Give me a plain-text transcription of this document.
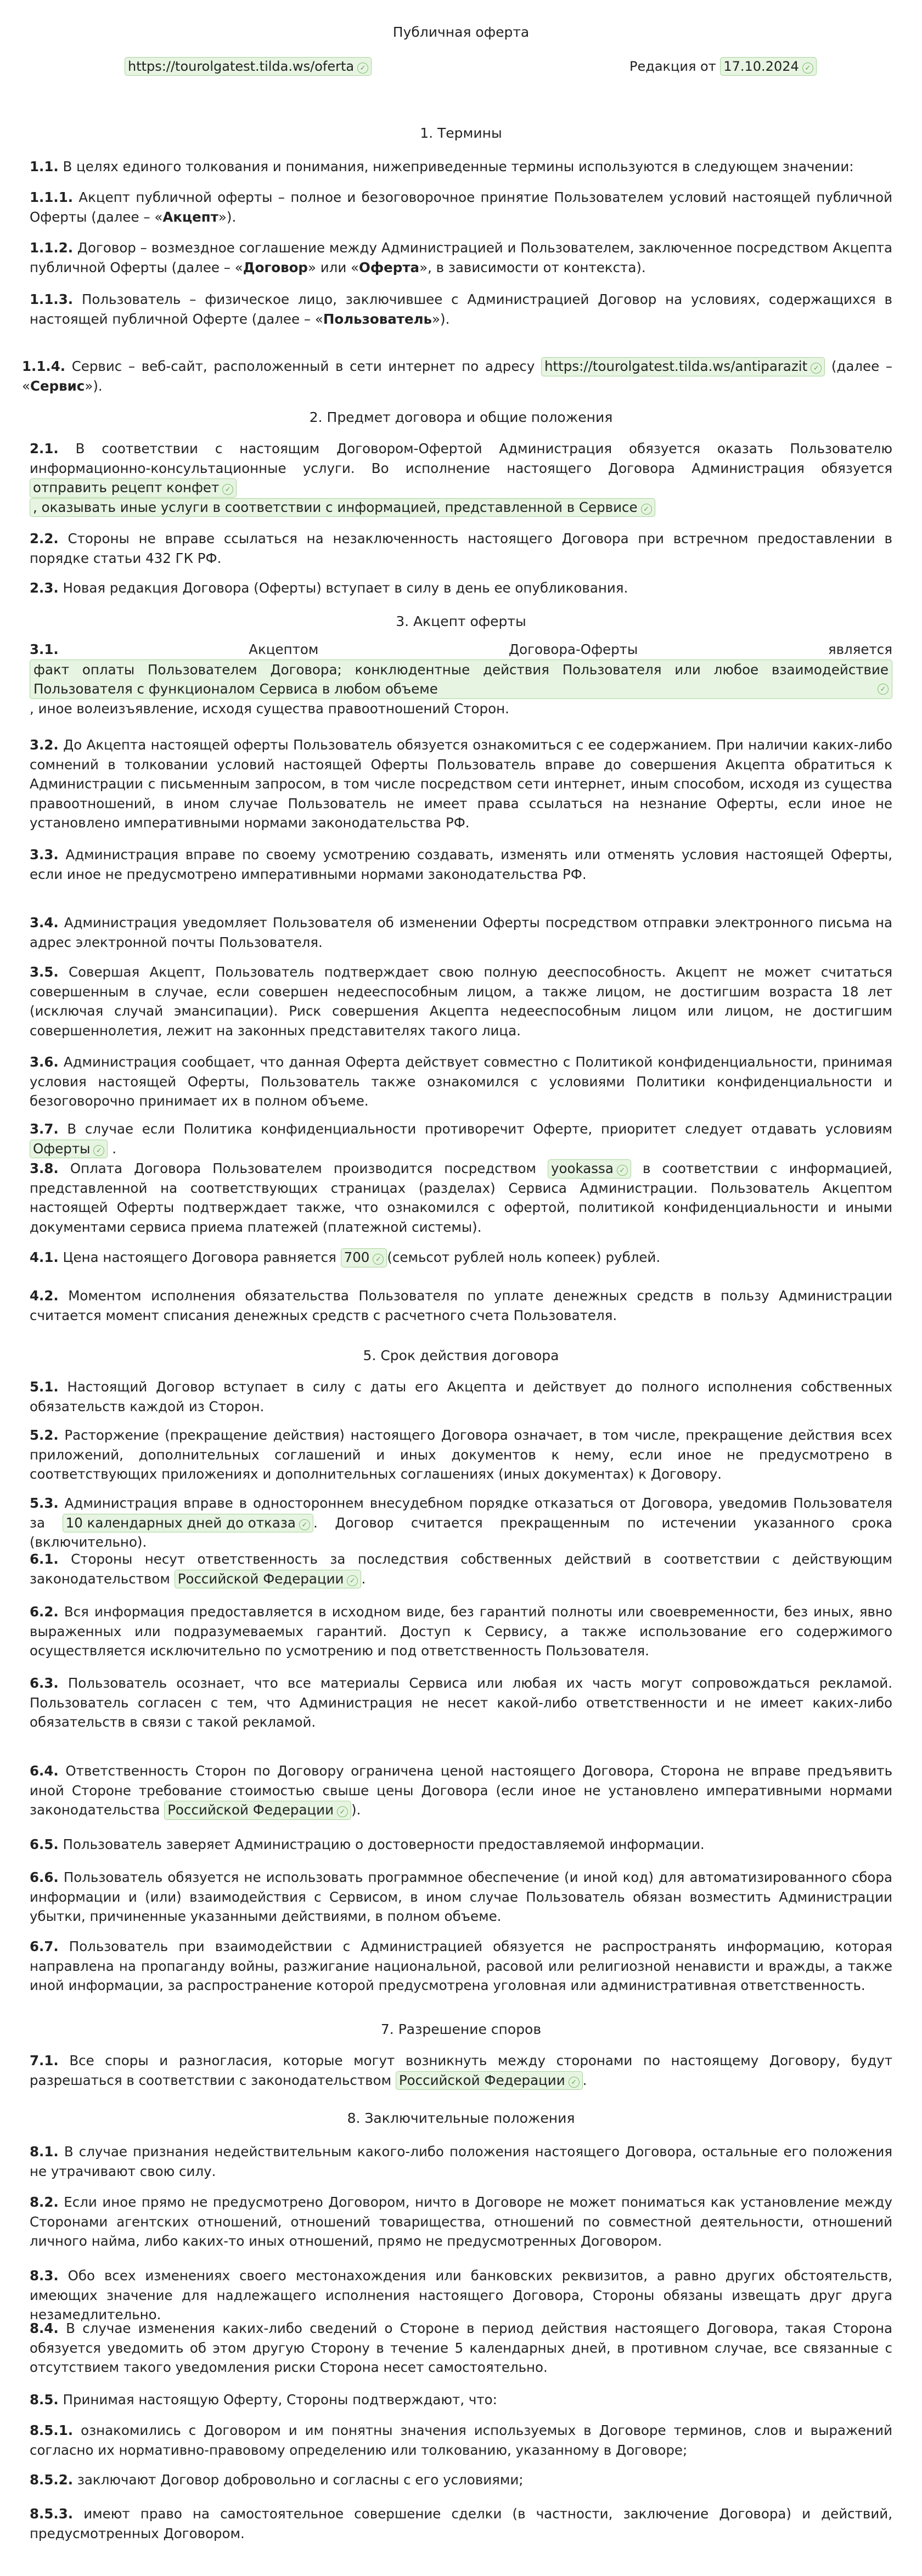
Публичная оферта
https://tourolgatest.tilda.ws/oferta ✓	Редакция от 17.10.2024 ✓
1. Термины

1.1. В целях единого толкования и понимания, нижеприведенные термины используются в следующем значении:

1.1.1. Акцепт публичной оферты – полное и безоговорочное принятие Пользователем условий настоящей публичной Оферты (далее – «Акцепт»).

1.1.2. Договор – возмездное соглашение между Администрацией и Пользователем, заключенное посредством Акцепта публичной Оферты (далее – «Договор» или «Оферта», в зависимости от контекста).

1.1.3. Пользователь – физическое лицо, заключившее с Администрацией Договор на условиях, содержащихся в настоящей публичной Оферте (далее – «Пользователь»).

1.1.4. Сервис – веб-сайт, расположенный в сети интернет по адресу https://tourolgatest.tilda.ws/antiparazit ✓ (далее – «Сервис»).

2. Предмет договора и общие положения

2.1. В соответствии с настоящим Договором-Офертой Администрация обязуется оказать Пользователю информационно-консультационные услуги. Во исполнение настоящего Договора Администрация обязуется отправить рецепт конфет ✓
, оказывать иные услуги в соответствии с информацией, представленной в Сервисе ✓

2.2. Стороны не вправе ссылаться на незаключенность настоящего Договора при встречном предоставлении в порядке статьи 432 ГК РФ.

2.3. Новая редакция Договора (Оферты) вступает в силу в день ее опубликования.

3. Акцепт оферты
3.1.	Акцептом	Договора-Оферты	является
факт оплаты Пользователем Договора; конклюдентные действия Пользователя или любое взаимодействие Пользователя с функционалом Сервиса в любом объеме	✓
, иное волеизъявление, исходя существа правоотношений Сторон.

3.2. До Акцепта настоящей оферты Пользователь обязуется ознакомиться с ее содержанием. При наличии каких-либо сомнений в толковании условий настоящей Оферты Пользователь вправе до совершения Акцепта обратиться к Администрации с письменным запросом, в том числе посредством сети интернет, иным способом, исходя из существа правоотношений, в ином случае Пользователь не имеет права ссылаться на незнание Оферты, если иное не установлено императивными нормами законодательства РФ.

3.3. Администрация вправе по своему усмотрению создавать, изменять или отменять условия настоящей Оферты, если иное не предусмотрено императивными нормами законодательства РФ.

3.4. Администрация уведомляет Пользователя об изменении Оферты посредством отправки электронного письма на адрес электронной почты Пользователя.

3.5. Совершая Акцепт, Пользователь подтверждает свою полную дееспособность. Акцепт не может считаться совершенным в случае, если совершен недееспособным лицом, а также лицом, не достигшим возраста 18 лет (исключая случай эмансипации). Риск совершения Акцепта недееспособным лицом или лицом, не достигшим совершеннолетия, лежит на законных представителях такого лица.

3.6. Администрация сообщает, что данная Оферта действует совместно с Политикой конфиденциальности, принимая условия настоящей Оферты, Пользователь также ознакомился с условиями Политики конфиденциальности и безоговорочно принимает их в полном объеме.

3.7. В случае если Политика конфиденциальности противоречит Оферте, приоритет следует отдавать условиям Оферты ✓ .

3.8. Оплата Договора Пользователем производится посредством yookassa ✓ в соответствии с информацией, представленной на соответствующих страницах (разделах) Сервиса Администрации. Пользователь Акцептом настоящей Оферты подтверждает также, что ознакомился с офертой, политикой конфиденциальности и иными документами сервиса приема платежей (платежной системы).

4.1. Цена настоящего Договора равняется 700 ✓ (семьсот рублей ноль копеек) рублей.

4.2. Моментом исполнения обязательства Пользователя по уплате денежных средств в пользу Администрации считается момент списания денежных средств с расчетного счета Пользователя.

5. Срок действия договора

5.1. Настоящий Договор вступает в силу с даты его Акцепта и действует до полного исполнения собственных обязательств каждой из Сторон.

5.2. Расторжение (прекращение действия) настоящего Договора означает, в том числе, прекращение действия всех приложений, дополнительных соглашений и иных документов к нему, если иное не предусмотрено в соответствующих приложениях и дополнительных соглашениях (иных документах) к Договору.

5.3. Администрация вправе в одностороннем внесудебном порядке отказаться от Договора, уведомив Пользователя за 10 календарных дней до отказа ✓ . Договор считается прекращенным по истечении указанного срока (включительно).

6.1. Стороны несут ответственность за последствия собственных действий в соответствии с действующим законодательством Российской Федерации ✓ .

6.2. Вся информация предоставляется в исходном виде, без гарантий полноты или своевременности, без иных, явно выраженных или подразумеваемых гарантий. Доступ к Сервису, а также использование его содержимого осуществляется исключительно по усмотрению и под ответственность Пользователя.

6.3. Пользователь осознает, что все материалы Сервиса или любая их часть могут сопровождаться рекламой. Пользователь согласен с тем, что Администрация не несет какой-либо ответственности и не имеет каких-либо обязательств в связи с такой рекламой.

6.4. Ответственность Сторон по Договору ограничена ценой настоящего Договора, Сторона не вправе предъявить иной Стороне требование стоимостью свыше цены Договора (если иное не установлено императивными нормами законодательства Российской Федерации ✓ ).

6.5. Пользователь заверяет Администрацию о достоверности предоставляемой информации.

6.6. Пользователь обязуется не использовать программное обеспечение (и иной код) для автоматизированного сбора информации и (или) взаимодействия с Сервисом, в ином случае Пользователь обязан возместить Администрации убытки, причиненные указанными действиями, в полном объеме.

6.7. Пользователь при взаимодействии с Администрацией обязуется не распространять информацию, которая направлена на пропаганду войны, разжигание национальной, расовой или религиозной ненависти и вражды, а также иной информации, за распространение которой предусмотрена уголовная или административная ответственность.

7. Разрешение споров

7.1. Все споры и разногласия, которые могут возникнуть между сторонами по настоящему Договору, будут разрешаться в соответствии с законодательством Российской Федерации ✓ .

8. Заключительные положения

8.1. В случае признания недействительным какого-либо положения настоящего Договора, остальные его положения не утрачивают свою силу.

8.2. Если иное прямо не предусмотрено Договором, ничто в Договоре не может пониматься как установление между Сторонами агентских отношений, отношений товарищества, отношений по совместной деятельности, отношений личного найма, либо каких-то иных отношений, прямо не предусмотренных Договором.

8.3. Обо всех изменениях своего местонахождения или банковских реквизитов, а равно других обстоятельств, имеющих значение для надлежащего исполнения настоящего Договора, Стороны обязаны извещать друг друга незамедлительно.

8.4. В случае изменения каких-либо сведений о Стороне в период действия настоящего Договора, такая Сторона обязуется уведомить об этом другую Сторону в течение 5 календарных дней, в противном случае, все связанные с отсутствием такого уведомления риски Сторона несет самостоятельно.

8.5. Принимая настоящую Оферту, Стороны подтверждают, что:

8.5.1. ознакомились с Договором и им понятны значения используемых в Договоре терминов, слов и выражений согласно их нормативно-правовому определению или толкованию, указанному в Договоре;

8.5.2. заключают Договор добровольно и согласны с его условиями;

8.5.3. имеют право на самостоятельное совершение сделки (в частности, заключение Договора) и действий, предусмотренных Договором.
